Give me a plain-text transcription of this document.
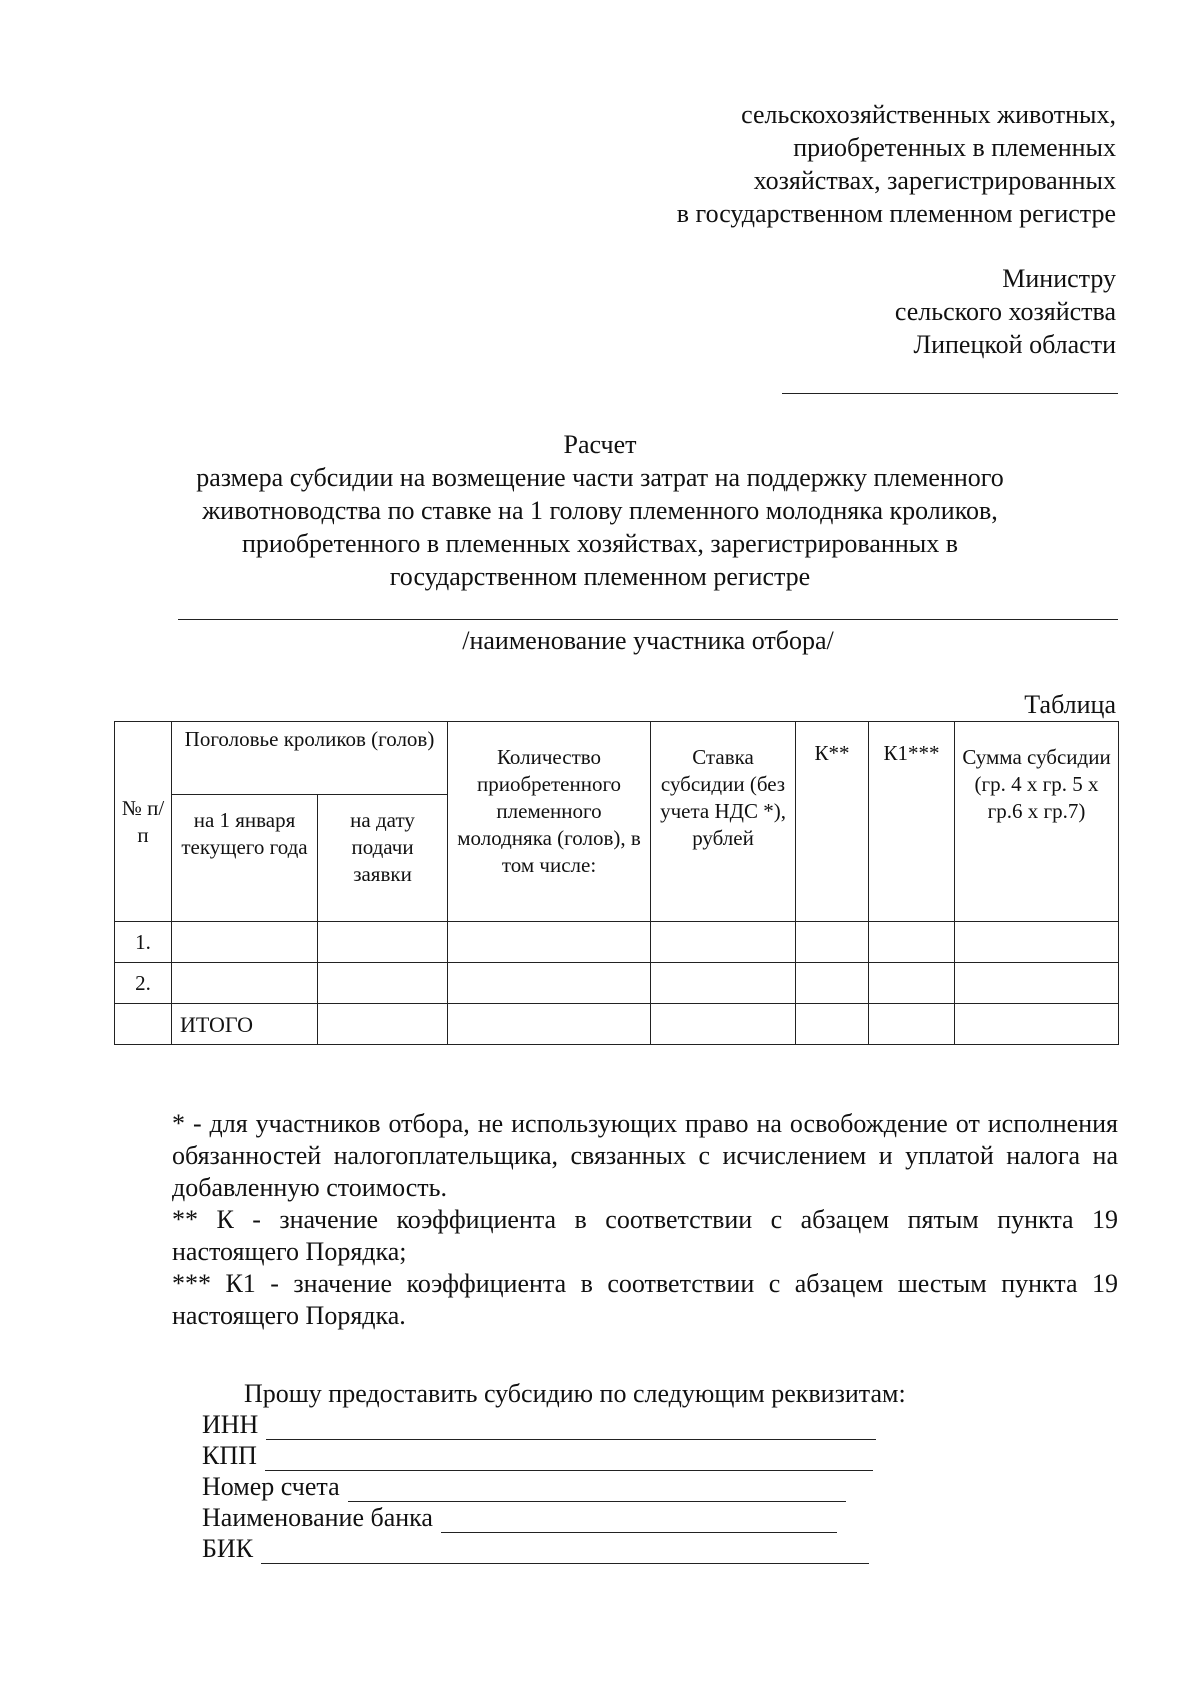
сельскохозяйственных животных,
приобретенных в племенных
хозяйствах, зарегистрированных
в государственном племенном регистре
Министру
сельского хозяйства
Липецкой области
Расчет
размера субсидии на возмещение части затрат на поддержку племенного
животноводства по ставке на 1 голову племенного молодняка кроликов,
приобретенного в племенных хозяйствах, зарегистрированных в
государственном племенном регистре
/наименование участника отбора/
Таблица
№ п/п	Поголовье кроликов (голов)		Количество приобретенного племенного молодняка (голов), в том числе:	Ставка субсидии (без учета НДС *), рублей	К**	К1***	Сумма субсидии (гр. 4 х гр. 5 х гр.6 х гр.7)
	на 1 января текущего года	на дату подачи заявки					
1.							
2.							
	ИТОГО						

* - для участников отбора, не использующих право на освобождение от исполнения обязанностей налогоплательщика, связанных с исчислением и уплатой налога на добавленную стоимость.

** К - значение коэффициента в соответствии с абзацем пятым пункта 19 настоящего Порядка;

*** К1 - значение коэффициента в соответствии с абзацем шестым пункта 19 настоящего Порядка.

Прошу предоставить субсидию по следующим реквизитам:
ИНН
КПП
Номер счета
Наименование банка
БИК
